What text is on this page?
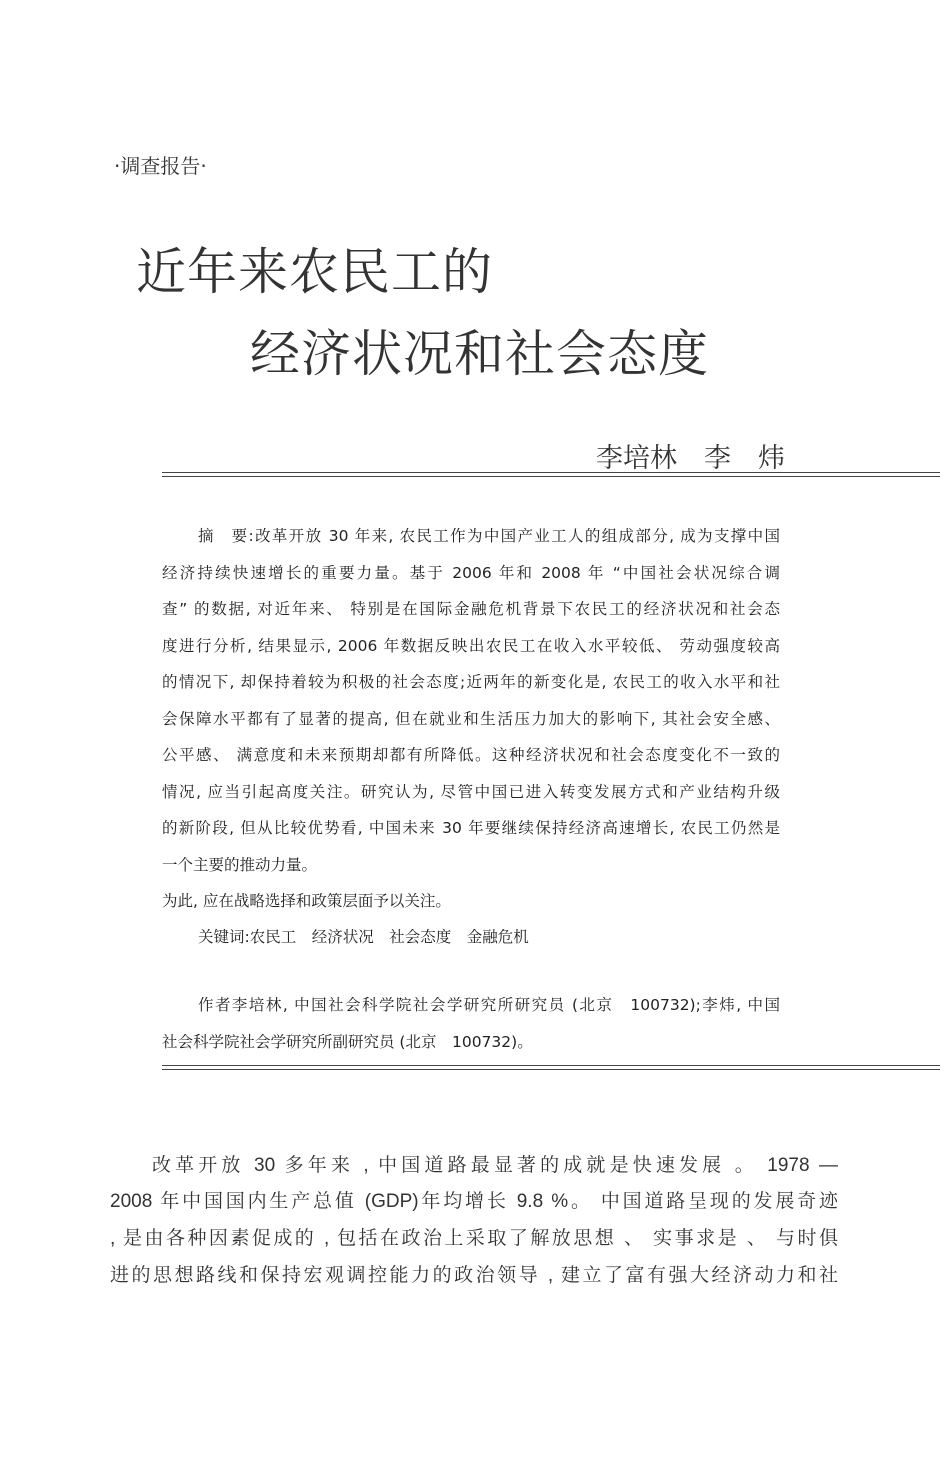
·调查报告·
近年来农民工的
经济状况和社会态度
李培林　李　炜
摘　要:改革开放 30 年来, 农民工作为中国产业工人的组成部分, 成为支撑中国
经济持续快速增长的重要力量。基于 2006 年和 2008 年 “中国社会状况综合调
查” 的数据, 对近年来、 特别是在国际金融危机背景下农民工的经济状况和社会态
度进行分析, 结果显示, 2006 年数据反映出农民工在收入水平较低、 劳动强度较高
的情况下, 却保持着较为积极的社会态度;近两年的新变化是, 农民工的收入水平和社
会保障水平都有了显著的提高, 但在就业和生活压力加大的影响下, 其社会安全感、
公平感、 满意度和未来预期却都有所降低。这种经济状况和社会态度变化不一致的
情况, 应当引起高度关注。研究认为, 尽管中国已进入转变发展方式和产业结构升级
的新阶段, 但从比较优势看, 中国未来 30 年要继续保持经济高速增长, 农民工仍然是
一个主要的推动力量。
为此, 应在战略选择和政策层面予以关注。
关键词:农民工　经济状况　社会态度　金融危机
作者李培林, 中国社会科学院社会学研究所研究员 (北京　100732);李炜, 中国
社会科学院社会学研究所副研究员 (北京　100732)。
改革开放 30 多年来 , 中国道路最显著的成就是快速发展 。 1978 —
2008 年中国国内生产总值 (GDP)年均增长 9.8 %。 中国道路呈现的发展奇迹
, 是由各种因素促成的 , 包括在政治上采取了解放思想 、 实事求是 、 与时俱
进的思想路线和保持宏观调控能力的政治领导 , 建立了富有强大经济动力和社
